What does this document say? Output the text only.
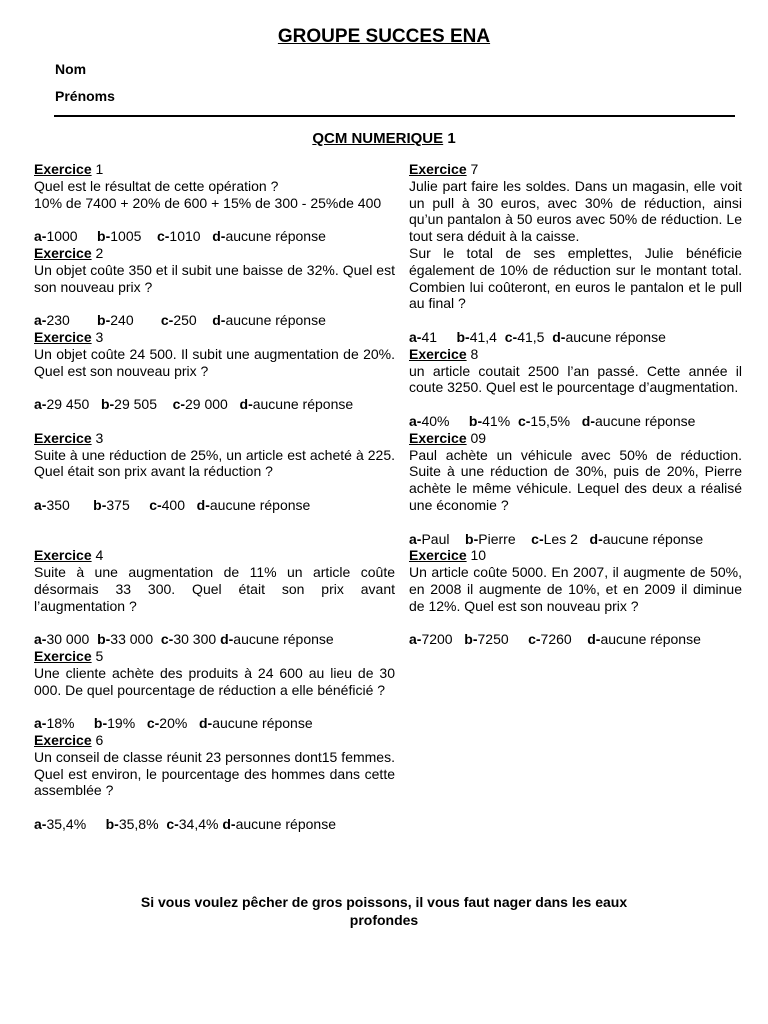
GROUPE SUCCES ENA
Nom
Prénoms
QCM NUMERIQUE 1
Exercice 1
Quel est le résultat de cette opération ?
10% de 7400 + 20% de 600 + 15% de 300 - 25%de 400
a-1000     b-1005    c-1010   d-aucune réponse
Exercice 2
Un objet coûte 350 et il subit une baisse de 32%. Quel est son nouveau prix ?
a-230       b-240       c-250    d-aucune réponse
Exercice 3
Un objet coûte 24 500. Il subit une augmentation de 20%. Quel est son nouveau prix ?
a-29 450   b-29 505    c-29 000   d-aucune réponse
Exercice 3
Suite à une réduction de 25%, un article est acheté à 225. Quel était son prix avant la réduction ?
a-350      b-375     c-400   d-aucune réponse
Exercice 4
Suite à une augmentation de 11% un article coûte désormais 33 300. Quel était son prix avant l’augmentation ?
a-30 000  b-33 000  c-30 300 d-aucune réponse
Exercice 5
Une cliente achète des produits à 24 600 au lieu de 30 000. De quel pourcentage de réduction a elle bénéficié ?
a-18%     b-19%   c-20%   d-aucune réponse
Exercice 6
Un conseil de classe réunit 23 personnes dont15 femmes. Quel est environ, le pourcentage des hommes dans cette assemblée ?
a-35,4%     b-35,8%  c-34,4% d-aucune réponse
Exercice 7
Julie part faire les soldes. Dans un magasin, elle voit un pull à 30 euros, avec 30% de réduction, ainsi qu’un pantalon à 50 euros avec 50% de réduction. Le tout sera déduit à la caisse.
Sur le total de ses emplettes, Julie bénéficie également de 10% de réduction sur le montant total. Combien lui coûteront, en euros le pantalon et le pull au final ?
a-41     b-41,4  c-41,5  d-aucune réponse
Exercice 8
un article coutait 2500 l’an passé. Cette année il coute 3250. Quel est le pourcentage d’augmentation.
a-40%     b-41%  c-15,5%   d-aucune réponse
Exercice 09
Paul achète un véhicule avec 50% de réduction. Suite à une réduction de 30%, puis de 20%, Pierre achète le même véhicule. Lequel des deux a réalisé une économie ?
a-Paul    b-Pierre    c-Les 2   d-aucune réponse
Exercice 10
Un article coûte 5000. En 2007, il augmente de 50%, en 2008 il augmente de 10%, et en 2009 il diminue de 12%. Quel est son nouveau prix ?
a-7200   b-7250     c-7260    d-aucune réponse
Si vous voulez pêcher de gros poissons, il vous faut nager dans les eaux
profondes
